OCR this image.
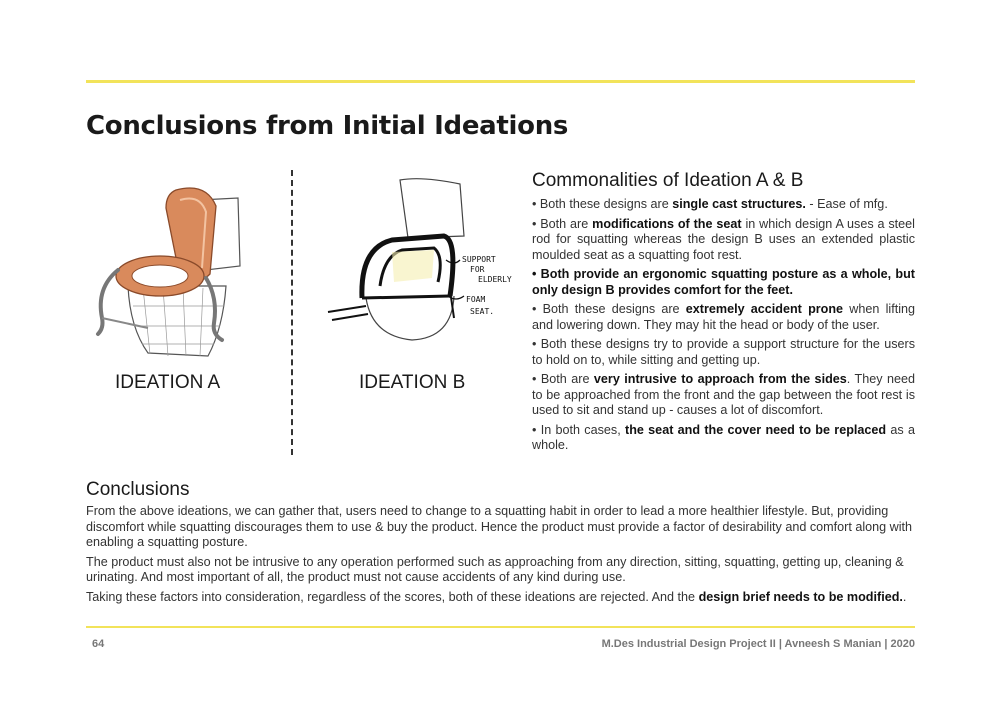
Conclusions from Initial Ideations
IDEATION A
SUPPORT
FOR
ELDERLY
FOAM
SEAT.
IDEATION B
Commonalities of Ideation A & B

• Both these designs are single cast structures. - Ease of mfg.

• Both are modifications of the seat in which design A uses a steel rod for squatting whereas the design B uses an extended plastic moulded seat as a squatting foot rest.

• Both provide an ergonomic squatting posture as a whole, but only design B provides comfort for the feet.

• Both these designs are extremely accident prone when lifting and lowering down. They may hit the head or body of the user.

• Both these designs try to provide a support structure for the users to hold on to, while sitting and getting up.

• Both are very intrusive to approach from the sides. They need to be approached from the front and the gap between the foot rest is used to sit and stand up - causes a lot of discomfort.

• In both cases, the seat and the cover need to be replaced as a whole.

Conclusions

From the above ideations, we can gather that, users need to change to a squatting habit in order to lead a more healthier lifestyle. But, providing discomfort while squatting discourages them to use & buy the product. Hence the product must provide a factor of desirability and comfort along with enabling a squatting posture.

The product must also not be intrusive to any operation performed such as approaching from any direction, sitting, squatting, getting up, cleaning & urinating. And most important of all, the product must not cause accidents of any kind during use.

Taking these factors into consideration, regardless of the scores, both of these ideations are rejected. And the design brief needs to be modified..

64	M.Des Industrial Design Project II | Avneesh S Manian | 2020
